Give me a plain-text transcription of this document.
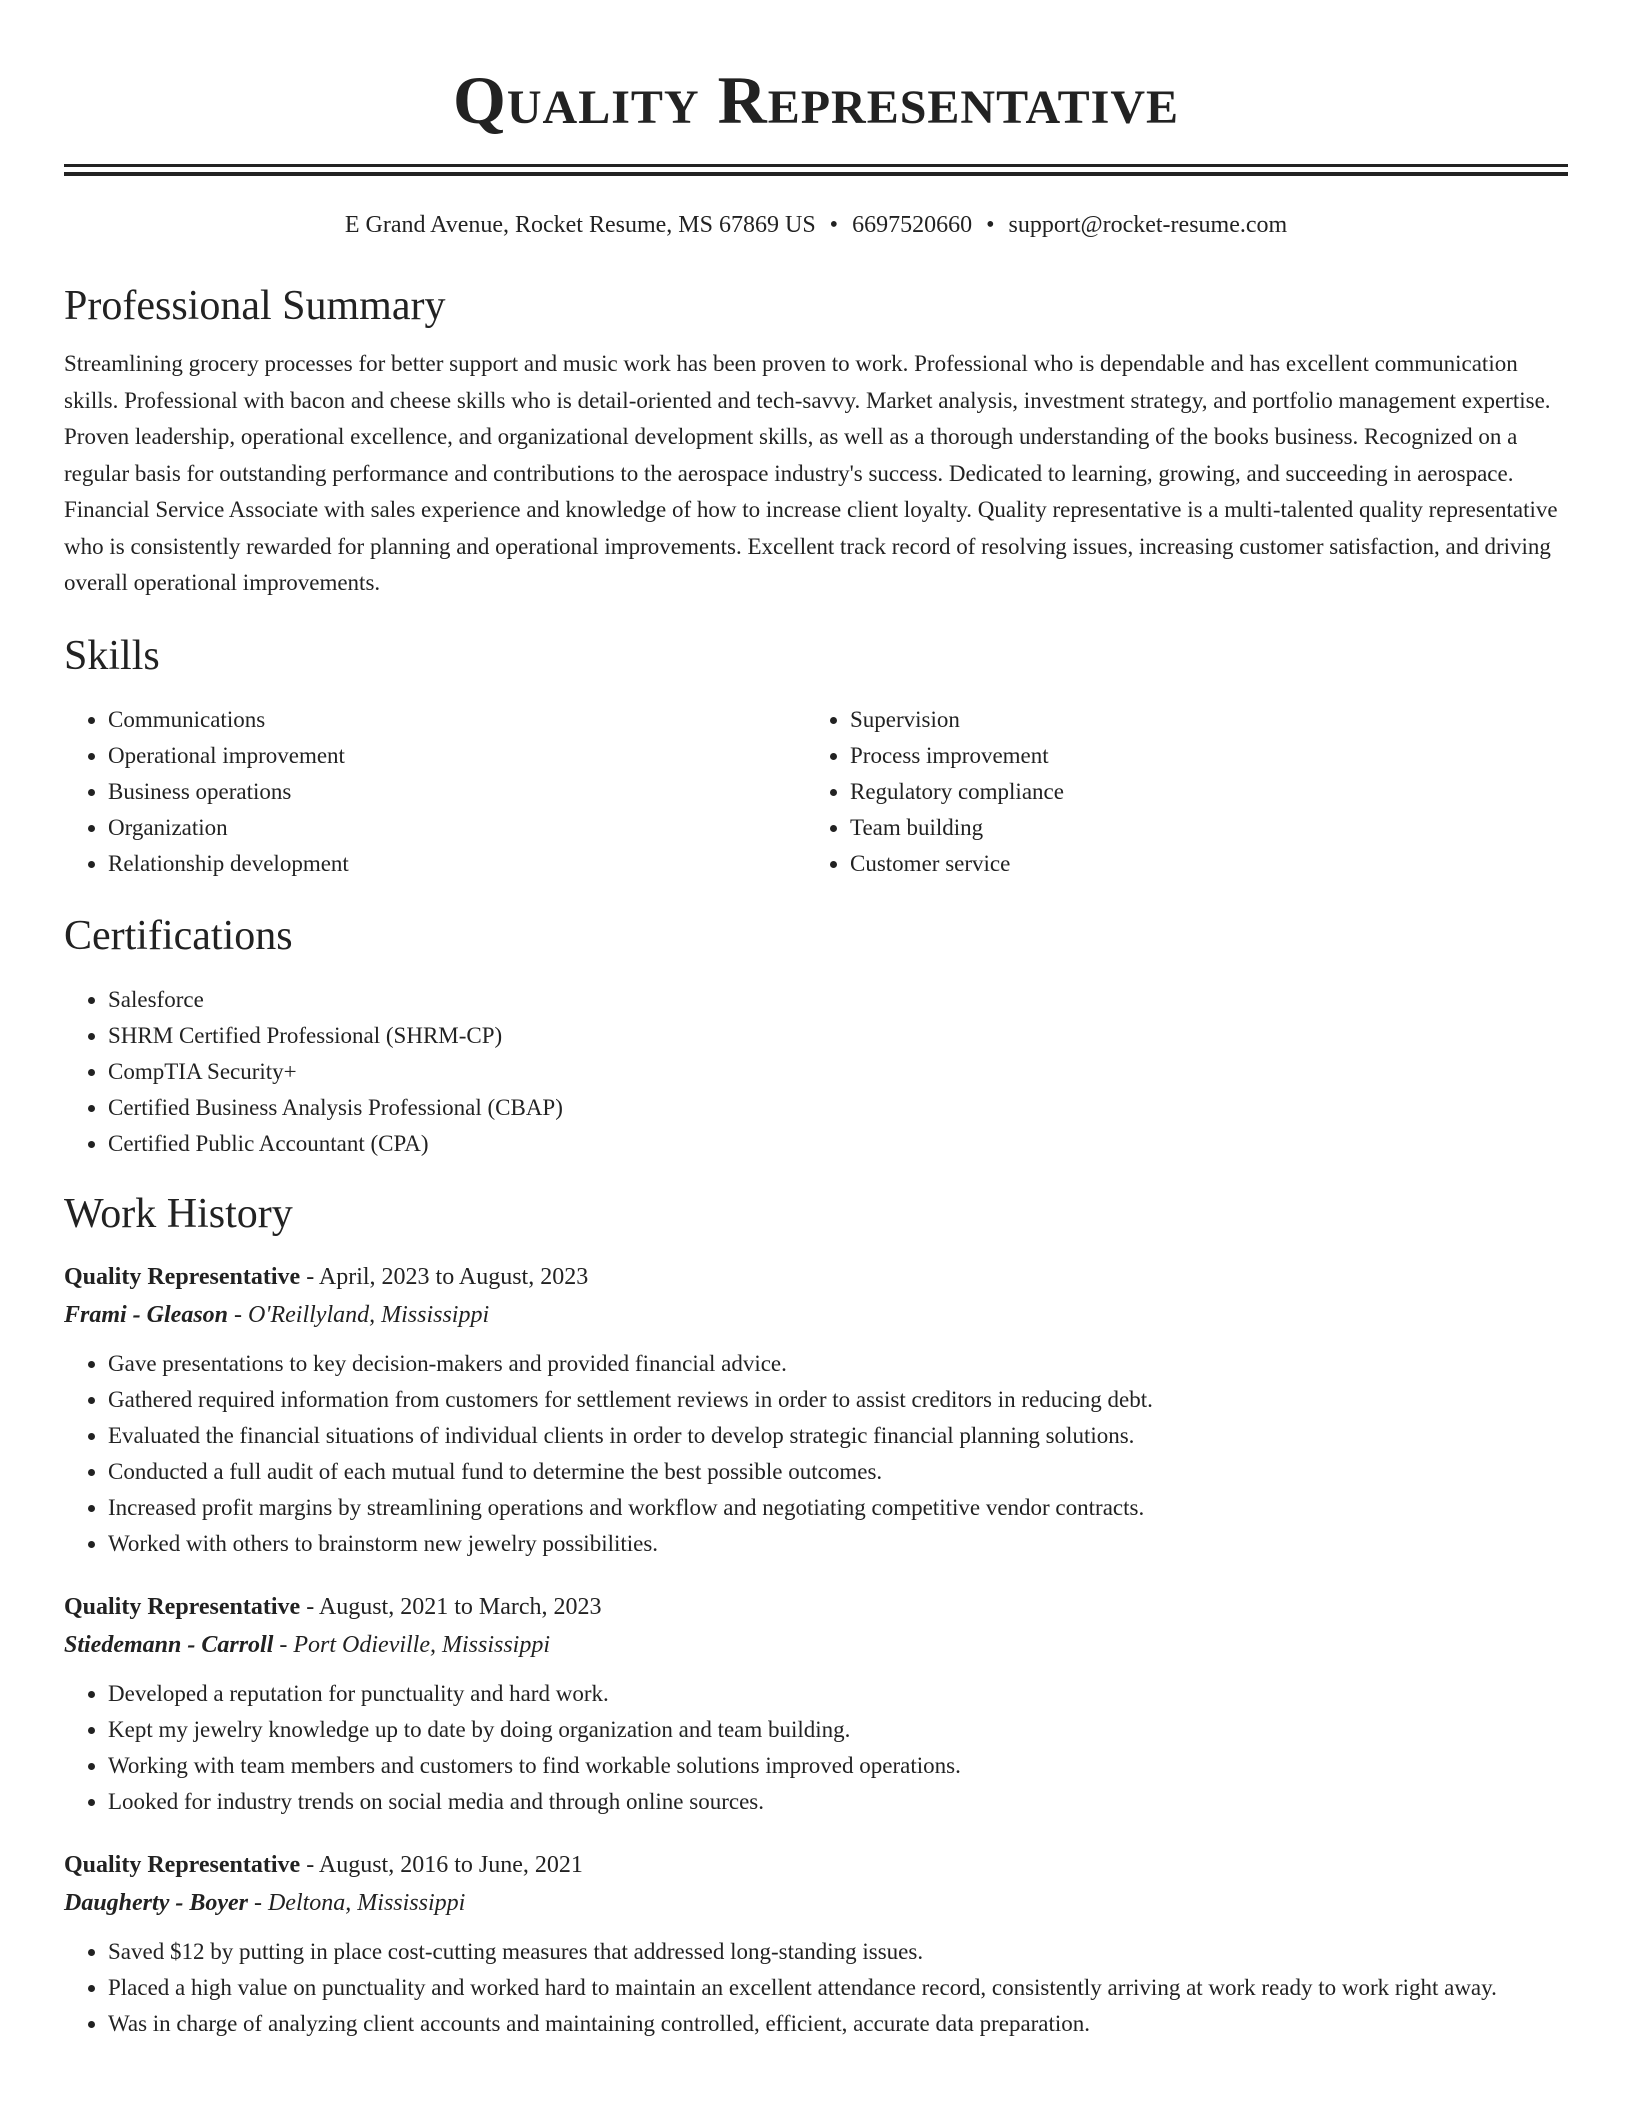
Quality Representative
E Grand Avenue, Rocket Resume, MS 67869 US • 6697520660 • support@rocket-resume.com
Professional Summary
Streamlining grocery processes for better support and music work has been proven to work. Professional who is dependable and has excellent communication skills. Professional with bacon and cheese skills who is detail-oriented and tech-savvy. Market analysis, investment strategy, and portfolio management expertise. Proven leadership, operational excellence, and organizational development skills, as well as a thorough understanding of the books business. Recognized on a regular basis for outstanding performance and contributions to the aerospace industry's success. Dedicated to learning, growing, and succeeding in aerospace. Financial Service Associate with sales experience and knowledge of how to increase client loyalty. Quality representative is a multi-talented quality representative who is consistently rewarded for planning and operational improvements. Excellent track record of resolving issues, increasing customer satisfaction, and driving overall operational improvements.
Skills
• Communications
• Operational improvement
• Business operations
• Organization
• Relationship development
• Supervision
• Process improvement
• Regulatory compliance
• Team building
• Customer service
Certifications
• Salesforce
• SHRM Certified Professional (SHRM-CP)
• CompTIA Security+
• Certified Business Analysis Professional (CBAP)
• Certified Public Accountant (CPA)
Work History
Quality Representative - April, 2023 to August, 2023
Frami - Gleason - O'Reillyland, Mississippi
• Gave presentations to key decision-makers and provided financial advice.
• Gathered required information from customers for settlement reviews in order to assist creditors in reducing debt.
• Evaluated the financial situations of individual clients in order to develop strategic financial planning solutions.
• Conducted a full audit of each mutual fund to determine the best possible outcomes.
• Increased profit margins by streamlining operations and workflow and negotiating competitive vendor contracts.
• Worked with others to brainstorm new jewelry possibilities.
Quality Representative - August, 2021 to March, 2023
Stiedemann - Carroll - Port Odieville, Mississippi
• Developed a reputation for punctuality and hard work.
• Kept my jewelry knowledge up to date by doing organization and team building.
• Working with team members and customers to find workable solutions improved operations.
• Looked for industry trends on social media and through online sources.
Quality Representative - August, 2016 to June, 2021
Daugherty - Boyer - Deltona, Mississippi
• Saved $12 by putting in place cost-cutting measures that addressed long-standing issues.
• Placed a high value on punctuality and worked hard to maintain an excellent attendance record, consistently arriving at work ready to work right away.
• Was in charge of analyzing client accounts and maintaining controlled, efficient, accurate data preparation.
